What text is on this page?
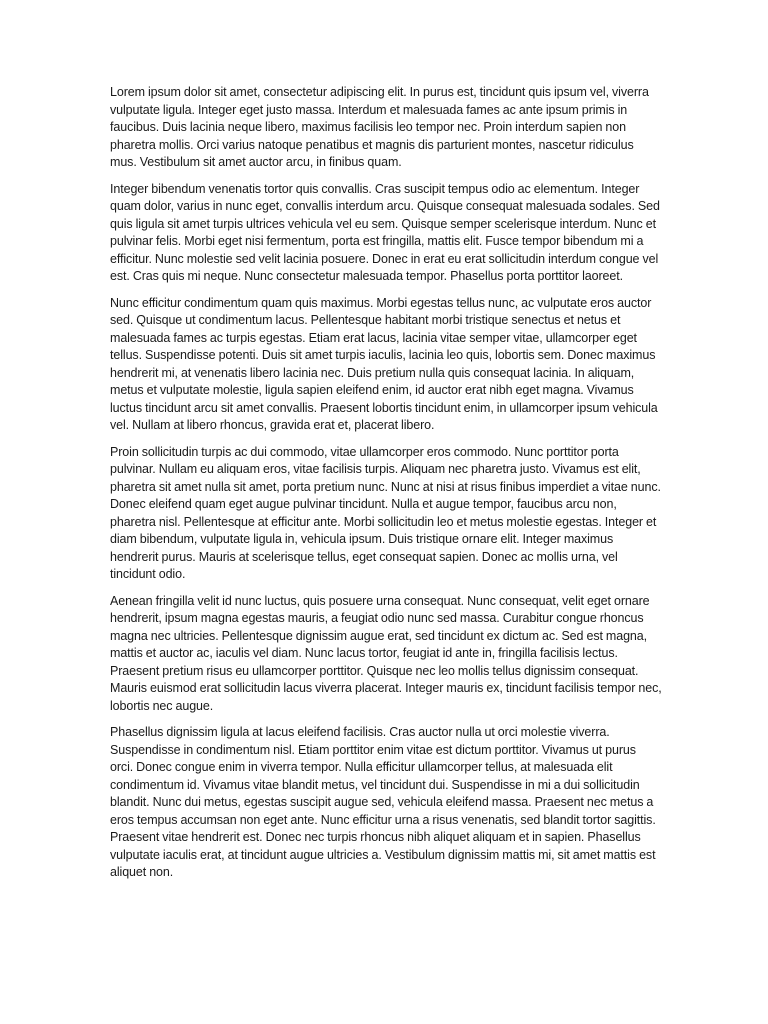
Lorem ipsum dolor sit amet, consectetur adipiscing elit. In purus est, tincidunt quis ipsum vel, viverra vulputate ligula. Integer eget justo massa. Interdum et malesuada fames ac ante ipsum primis in faucibus. Duis lacinia neque libero, maximus facilisis leo tempor nec. Proin interdum sapien non pharetra mollis. Orci varius natoque penatibus et magnis dis parturient montes, nascetur ridiculus mus. Vestibulum sit amet auctor arcu, in finibus quam.

Integer bibendum venenatis tortor quis convallis. Cras suscipit tempus odio ac elementum. Integer quam dolor, varius in nunc eget, convallis interdum arcu. Quisque consequat malesuada sodales. Sed quis ligula sit amet turpis ultrices vehicula vel eu sem. Quisque semper scelerisque interdum. Nunc et pulvinar felis. Morbi eget nisi fermentum, porta est fringilla, mattis elit. Fusce tempor bibendum mi a efficitur. Nunc molestie sed velit lacinia posuere. Donec in erat eu erat sollicitudin interdum congue vel est. Cras quis mi neque. Nunc consectetur malesuada tempor. Phasellus porta porttitor laoreet.

Nunc efficitur condimentum quam quis maximus. Morbi egestas tellus nunc, ac vulputate eros auctor sed. Quisque ut condimentum lacus. Pellentesque habitant morbi tristique senectus et netus et malesuada fames ac turpis egestas. Etiam erat lacus, lacinia vitae semper vitae, ullamcorper eget tellus. Suspendisse potenti. Duis sit amet turpis iaculis, lacinia leo quis, lobortis sem. Donec maximus hendrerit mi, at venenatis libero lacinia nec. Duis pretium nulla quis consequat lacinia. In aliquam, metus et vulputate molestie, ligula sapien eleifend enim, id auctor erat nibh eget magna. Vivamus luctus tincidunt arcu sit amet convallis. Praesent lobortis tincidunt enim, in ullamcorper ipsum vehicula vel. Nullam at libero rhoncus, gravida erat et, placerat libero.

Proin sollicitudin turpis ac dui commodo, vitae ullamcorper eros commodo. Nunc porttitor porta pulvinar. Nullam eu aliquam eros, vitae facilisis turpis. Aliquam nec pharetra justo. Vivamus est elit, pharetra sit amet nulla sit amet, porta pretium nunc. Nunc at nisi at risus finibus imperdiet a vitae nunc. Donec eleifend quam eget augue pulvinar tincidunt. Nulla et augue tempor, faucibus arcu non, pharetra nisl. Pellentesque at efficitur ante. Morbi sollicitudin leo et metus molestie egestas. Integer et diam bibendum, vulputate ligula in, vehicula ipsum. Duis tristique ornare elit. Integer maximus hendrerit purus. Mauris at scelerisque tellus, eget consequat sapien. Donec ac mollis urna, vel tincidunt odio.

Aenean fringilla velit id nunc luctus, quis posuere urna consequat. Nunc consequat, velit eget ornare hendrerit, ipsum magna egestas mauris, a feugiat odio nunc sed massa. Curabitur congue rhoncus magna nec ultricies. Pellentesque dignissim augue erat, sed tincidunt ex dictum ac. Sed est magna, mattis et auctor ac, iaculis vel diam. Nunc lacus tortor, feugiat id ante in, fringilla facilisis lectus. Praesent pretium risus eu ullamcorper porttitor. Quisque nec leo mollis tellus dignissim consequat. Mauris euismod erat sollicitudin lacus viverra placerat. Integer mauris ex, tincidunt facilisis tempor nec, lobortis nec augue.

Phasellus dignissim ligula at lacus eleifend facilisis. Cras auctor nulla ut orci molestie viverra. Suspendisse in condimentum nisl. Etiam porttitor enim vitae est dictum porttitor. Vivamus ut purus orci. Donec congue enim in viverra tempor. Nulla efficitur ullamcorper tellus, at malesuada elit condimentum id. Vivamus vitae blandit metus, vel tincidunt dui. Suspendisse in mi a dui sollicitudin blandit. Nunc dui metus, egestas suscipit augue sed, vehicula eleifend massa. Praesent nec metus a eros tempus accumsan non eget ante. Nunc efficitur urna a risus venenatis, sed blandit tortor sagittis. Praesent vitae hendrerit est. Donec nec turpis rhoncus nibh aliquet aliquam et in sapien. Phasellus vulputate iaculis erat, at tincidunt augue ultricies a. Vestibulum dignissim mattis mi, sit amet mattis est aliquet non.
